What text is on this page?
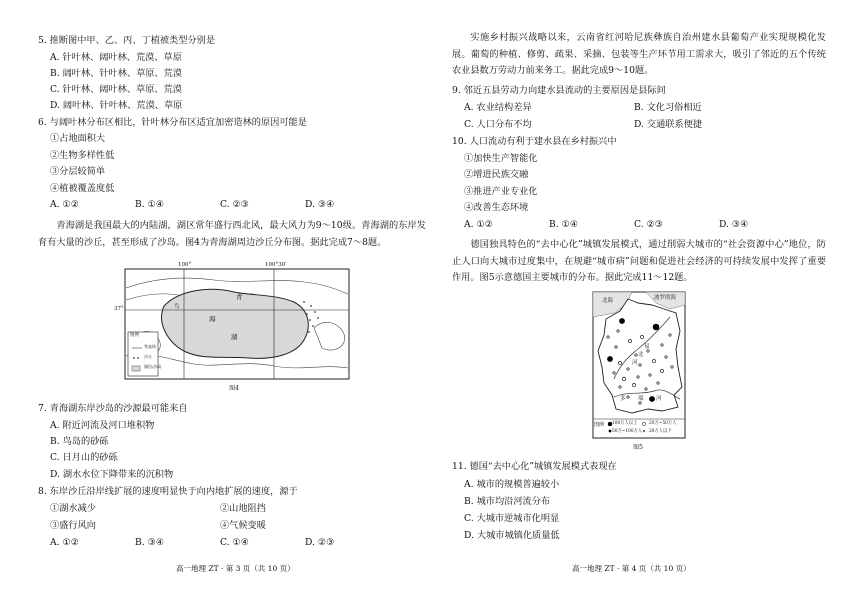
5. 推断图中甲、乙、丙、丁植被类型分别是
A. 针叶林、阔叶林、荒漠、草原
B. 阔叶林、针叶林、草原、荒漠
C. 针叶林、阔叶林、草原、荒漠
D. 阔叶林、针叶林、荒漠、草原
6. 与阔叶林分布区相比，针叶林分布区适宜加密造林的原因可能是
①占地面积大
②生物多样性低
③分层较简单
④植被覆盖度低
A. ①②	B. ①④	C. ②③	D. ③④
青海湖是我国最大的内陆湖，湖区常年盛行西北风，最大风力为9～10级。青海湖的东岸发育有大量的沙丘，甚至形成了沙岛。图4为青海湖周边沙丘分布图。据此完成7～8题。
100°	100°30′
37°
青
海
湖
鸟
图例
等高线
沙丘
湖泊/沙岛
图4
7. 青海湖东岸沙岛的沙源最可能来自
A. 附近河流及河口堆积物
B. 鸟岛的砂砾
C. 日月山的砂砾
D. 湖水水位下降带来的沉积物
8. 东岸沙丘沿岸线扩展的速度明显快于向内地扩展的速度，源于
①湖水减少	②山地阻挡
③盛行风向	④气候变暖
A. ①②	B. ③④	C. ①④	D. ②③
高一地理 ZT · 第 3 页（共 10 页）
实施乡村振兴战略以来，云南省红河哈尼族彝族自治州建水县葡萄产业实现规模化发展。葡萄的种植、修剪、疏果、采摘、包装等生产环节用工需求大，吸引了邻近的五个传统农业县数万劳动力前来务工。据此完成9～10题。
9. 邻近五县劳动力向建水县流动的主要原因是县际间
A. 农业结构差异	B. 文化习俗相近
C. 人口分布不均	D. 交通联系便捷
10. 人口流动有利于建水县在乡村振兴中
①加快生产智能化
②增进民族交融
③推进产业专业化
④改善生态环境
A. ①②	B. ①④	C. ②③	D. ③④
德国独具特色的“去中心化”城镇发展模式，通过削弱大城市的“社会资源中心”地位，防止人口向大城市过度集中，在规避“城市病”问题和促进社会经济的可持续发展中发挥了重要作用。图5示意德国主要城市的分布。据此完成11～12题。
北海	波罗的海
易
北
河
多 瑙 河
图例 100万人以上	20万~50万人
50万~100万人 20万人以下
图5
11. 德国“去中心化”城镇发展模式表现在
A. 城市的规模普遍较小
B. 城市均沿河流分布
C. 大城市逆城市化明显
D. 大城市城镇化质量低
高一地理 ZT · 第 4 页（共 10 页）
